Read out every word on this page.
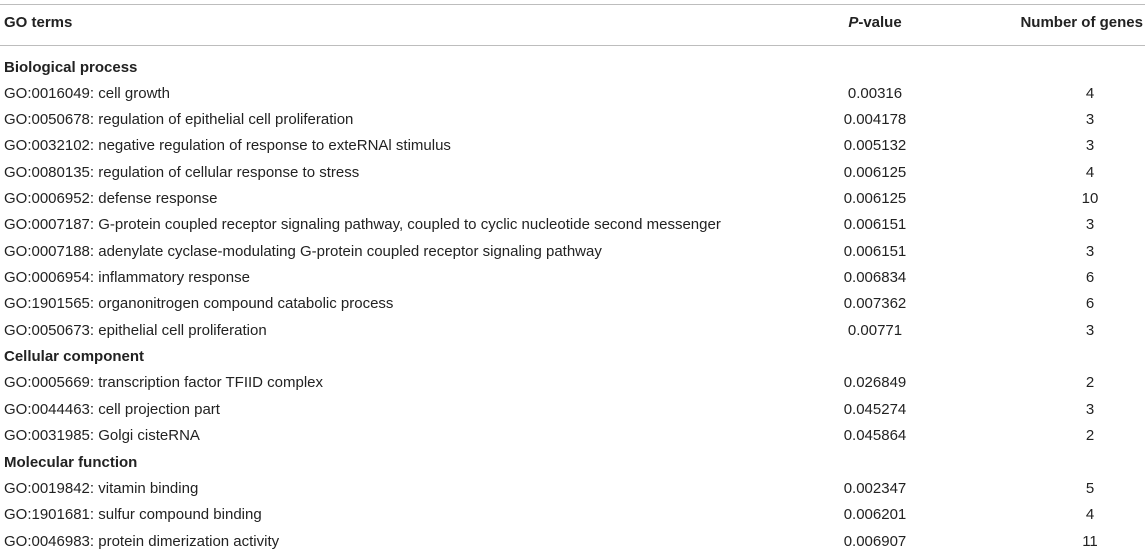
GO terms	P-value	Number of genes
Biological process
GO:0016049: cell growth	0.00316	4
GO:0050678: regulation of epithelial cell proliferation	0.004178	3
GO:0032102: negative regulation of response to exteRNAl stimulus	0.005132	3
GO:0080135: regulation of cellular response to stress	0.006125	4
GO:0006952: defense response	0.006125	10
GO:0007187: G-protein coupled receptor signaling pathway, coupled to cyclic nucleotide second messenger	0.006151	3
GO:0007188: adenylate cyclase-modulating G-protein coupled receptor signaling pathway	0.006151	3
GO:0006954: inflammatory response	0.006834	6
GO:1901565: organonitrogen compound catabolic process	0.007362	6
GO:0050673: epithelial cell proliferation	0.00771	3
Cellular component
GO:0005669: transcription factor TFIID complex	0.026849	2
GO:0044463: cell projection part	0.045274	3
GO:0031985: Golgi cisteRNA	0.045864	2
Molecular function
GO:0019842: vitamin binding	0.002347	5
GO:1901681: sulfur compound binding	0.006201	4
GO:0046983: protein dimerization activity	0.006907	11
